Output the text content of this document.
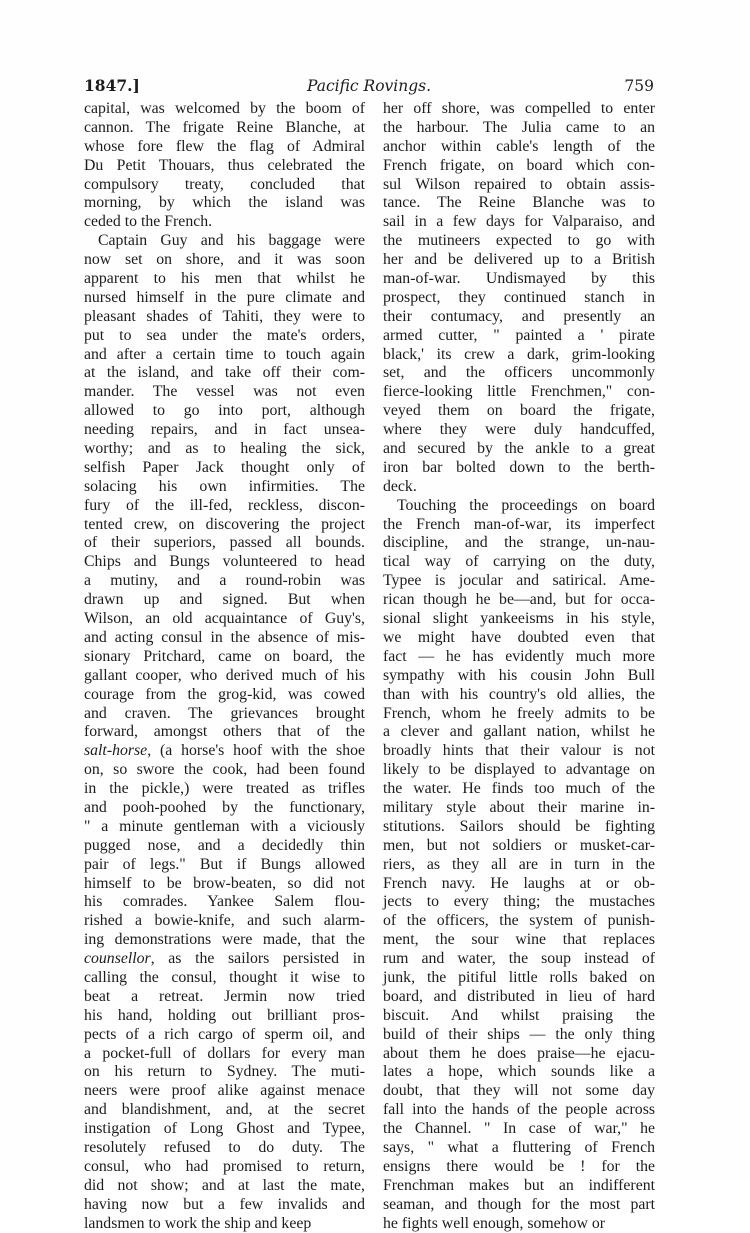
1847.]	Pacific Rovings.	759
capital, was welcomed by the boom of
cannon. The frigate Reine Blanche, at
whose fore flew the flag of Admiral
Du Petit Thouars, thus celebrated the
compulsory treaty, concluded that
morning, by which the island was
ceded to the French.
Captain Guy and his baggage were
now set on shore, and it was soon
apparent to his men that whilst he
nursed himself in the pure climate and
pleasant shades of Tahiti, they were to
put to sea under the mate's orders,
and after a certain time to touch again
at the island, and take off their com-
mander. The vessel was not even
allowed to go into port, although
needing repairs, and in fact unsea-
worthy; and as to healing the sick,
selfish Paper Jack thought only of
solacing his own infirmities. The
fury of the ill-fed, reckless, discon-
tented crew, on discovering the project
of their superiors, passed all bounds.
Chips and Bungs volunteered to head
a mutiny, and a round-robin was
drawn up and signed. But when
Wilson, an old acquaintance of Guy's,
and acting consul in the absence of mis-
sionary Pritchard, came on board, the
gallant cooper, who derived much of his
courage from the grog-kid, was cowed
and craven. The grievances brought
forward, amongst others that of the
salt-horse, (a horse's hoof with the shoe
on, so swore the cook, had been found
in the pickle,) were treated as trifles
and pooh-poohed by the functionary,
" a minute gentleman with a viciously
pugged nose, and a decidedly thin
pair of legs." But if Bungs allowed
himself to be brow-beaten, so did not
his comrades. Yankee Salem flou-
rished a bowie-knife, and such alarm-
ing demonstrations were made, that the
counsellor, as the sailors persisted in
calling the consul, thought it wise to
beat a retreat. Jermin now tried
his hand, holding out brilliant pros-
pects of a rich cargo of sperm oil, and
a pocket-full of dollars for every man
on his return to Sydney. The muti-
neers were proof alike against menace
and blandishment, and, at the secret
instigation of Long Ghost and Typee,
resolutely refused to do duty. The
consul, who had promised to return,
did not show; and at last the mate,
having now but a few invalids and
landsmen to work the ship and keep
her off shore, was compelled to enter
the harbour. The Julia came to an
anchor within cable's length of the
French frigate, on board which con-
sul Wilson repaired to obtain assis-
tance. The Reine Blanche was to
sail in a few days for Valparaiso, and
the mutineers expected to go with
her and be delivered up to a British
man-of-war. Undismayed by this
prospect, they continued stanch in
their contumacy, and presently an
armed cutter, " painted a ' pirate
black,' its crew a dark, grim-looking
set, and the officers uncommonly
fierce-looking little Frenchmen," con-
veyed them on board the frigate,
where they were duly handcuffed,
and secured by the ankle to a great
iron bar bolted down to the berth-
deck.
Touching the proceedings on board
the French man-of-war, its imperfect
discipline, and the strange, un-nau-
tical way of carrying on the duty,
Typee is jocular and satirical. Ame-
rican though he be—and, but for occa-
sional slight yankeeisms in his style,
we might have doubted even that
fact — he has evidently much more
sympathy with his cousin John Bull
than with his country's old allies, the
French, whom he freely admits to be
a clever and gallant nation, whilst he
broadly hints that their valour is not
likely to be displayed to advantage on
the water. He finds too much of the
military style about their marine in-
stitutions. Sailors should be fighting
men, but not soldiers or musket-car-
riers, as they all are in turn in the
French navy. He laughs at or ob-
jects to every thing; the mustaches
of the officers, the system of punish-
ment, the sour wine that replaces
rum and water, the soup instead of
junk, the pitiful little rolls baked on
board, and distributed in lieu of hard
biscuit. And whilst praising the
build of their ships — the only thing
about them he does praise—he ejacu-
lates a hope, which sounds like a
doubt, that they will not some day
fall into the hands of the people across
the Channel. " In case of war," he
says, " what a fluttering of French
ensigns there would be ! for the
Frenchman makes but an indifferent
seaman, and though for the most part
he fights well enough, somehow or
